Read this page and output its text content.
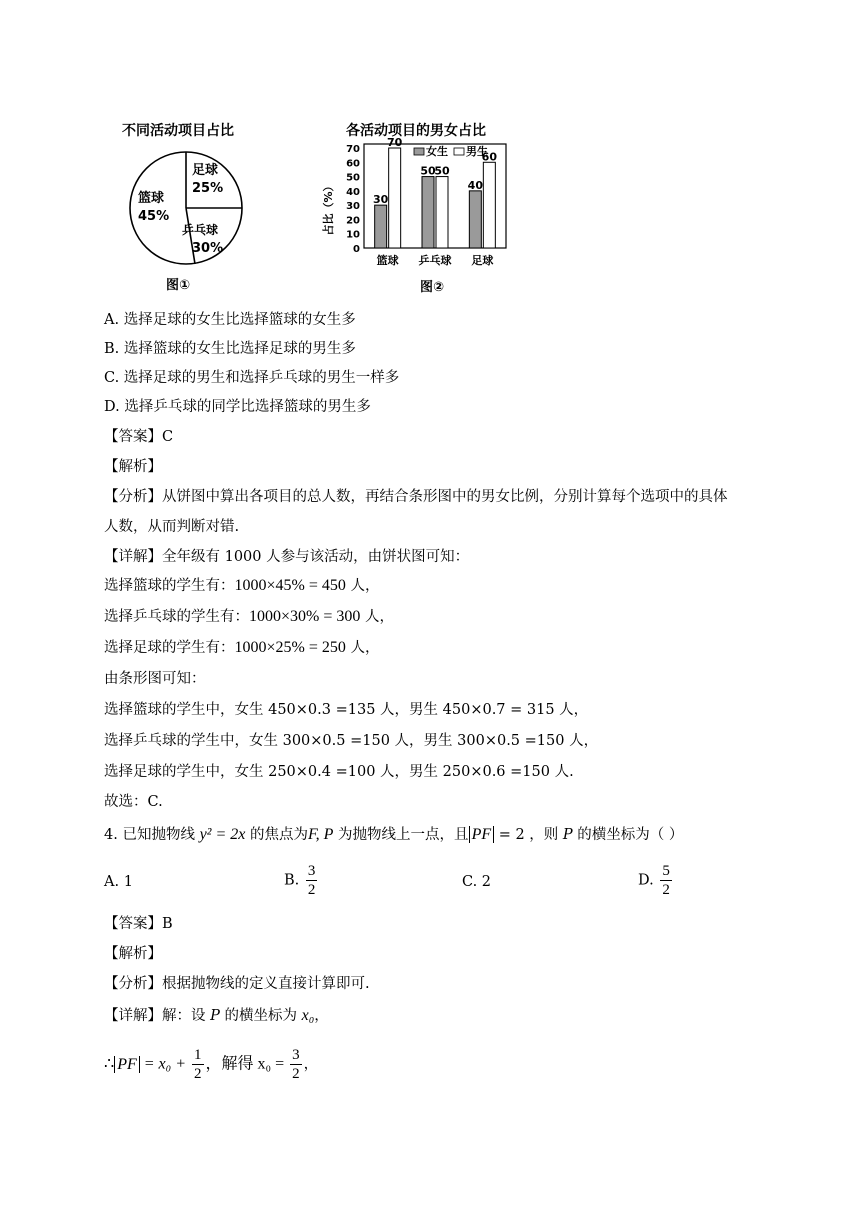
不同活动项目占比
篮球
45%
足球
25%
乒乓球
30%
图①
各活动项目的男女占比
占比（%）
0
10
20
30
40
50
60
70
30
70
50
50
40
60
篮球 乒乓球 足球
女生 男生
图②
A. 选择足球的女生比选择篮球的女生多
B. 选择篮球的女生比选择足球的男生多
C. 选择足球的男生和选择乒乓球的男生一样多
D. 选择乒乓球的同学比选择篮球的男生多
【答案】C
【解析】
【分析】从饼图中算出各项目的总人数，再结合条形图中的男女比例，分别计算每个选项中的具体
人数，从而判断对错.
【详解】全年级有 1000 人参与该活动，由饼状图可知：
选择篮球的学生有：1000×45% = 450 人，
选择乒乓球的学生有：1000×30% = 300 人，
选择足球的学生有：1000×25% = 250 人，
由条形图可知：
选择篮球的学生中，女生 450×0.3 =135 人，男生 450×0.7 = 315 人，
选择乒乓球的学生中，女生 300×0.5 =150 人，男生 300×0.5 =150 人，
选择足球的学生中，女生 250×0.4 =100 人，男生 250×0.6 =150 人.
故选：C.
4. 已知抛物线 y² = 2x 的焦点为F, P 为抛物线上一点，且 PF = 2 ，则 P 的横坐标为（ ）
A. 1	B. $\frac{3}{2}$	C. 2	D. $\frac{5}{2}$
【答案】B
【解析】
【分析】根据抛物线的定义直接计算即可.
【详解】解：设 P 的横坐标为 x₀，
∴ PF = $x_0 + \frac{1}{2}$ ，解得 $x_0 = \frac{3}{2}$ ，
